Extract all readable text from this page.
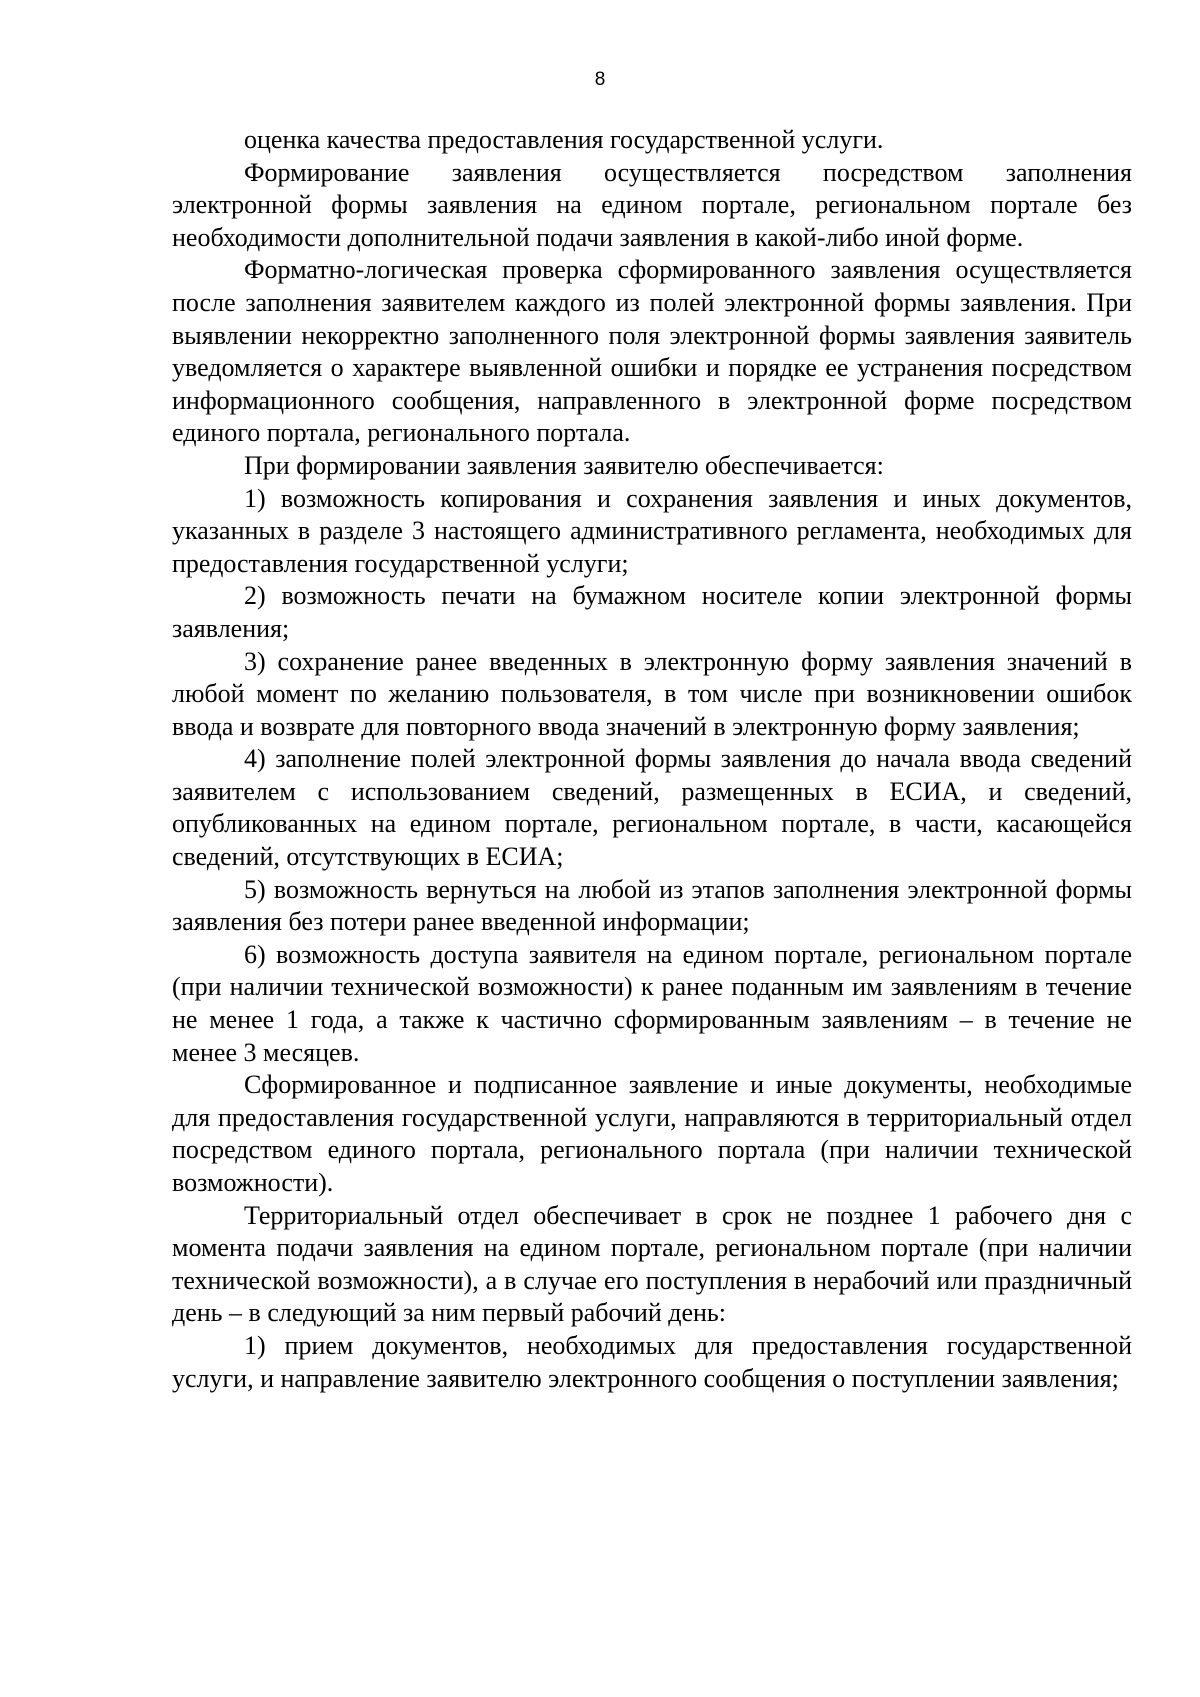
8

оценка качества предоставления государственной услуги.

Формирование заявления осуществляется посредством заполнения электронной формы заявления на едином портале, региональном портале без необходимости дополнительной подачи заявления в какой-либо иной форме.

Форматно-логическая проверка сформированного заявления осуществляется после заполнения заявителем каждого из полей электронной формы заявления. При выявлении некорректно заполненного поля электронной формы заявления заявитель уведомляется о характере выявленной ошибки и порядке ее устранения посредством информационного сообщения, направленного в электронной форме посредством единого портала, регионального портала.

При формировании заявления заявителю обеспечивается:

1) возможность копирования и сохранения заявления и иных документов, указанных в разделе 3 настоящего административного регламента, необходимых для предоставления государственной услуги;

2) возможность печати на бумажном носителе копии электронной формы заявления;

3) сохранение ранее введенных в электронную форму заявления значений в любой момент по желанию пользователя, в том числе при возникновении ошибок ввода и возврате для повторного ввода значений в электронную форму заявления;

4) заполнение полей электронной формы заявления до начала ввода сведений заявителем с использованием сведений, размещенных в ЕСИА, и сведений, опубликованных на едином портале, региональном портале, в части, касающейся сведений, отсутствующих в ЕСИА;

5) возможность вернуться на любой из этапов заполнения электронной формы заявления без потери ранее введенной информации;

6) возможность доступа заявителя на едином портале, региональном портале (при наличии технической возможности) к ранее поданным им заявлениям в течение не менее 1 года, а также к частично сформированным заявлениям – в течение не менее 3 месяцев.

Сформированное и подписанное заявление и иные документы, необходимые для предоставления государственной услуги, направляются в территориальный отдел посредством единого портала, регионального портала (при наличии технической возможности).

Территориальный отдел обеспечивает в срок не позднее 1 рабочего дня с момента подачи заявления на едином портале, региональном портале (при наличии технической возможности), а в случае его поступления в нерабочий или праздничный день – в следующий за ним первый рабочий день:

1) прием документов, необходимых для предоставления государственной услуги, и направление заявителю электронного сообщения о поступлении заявления;
